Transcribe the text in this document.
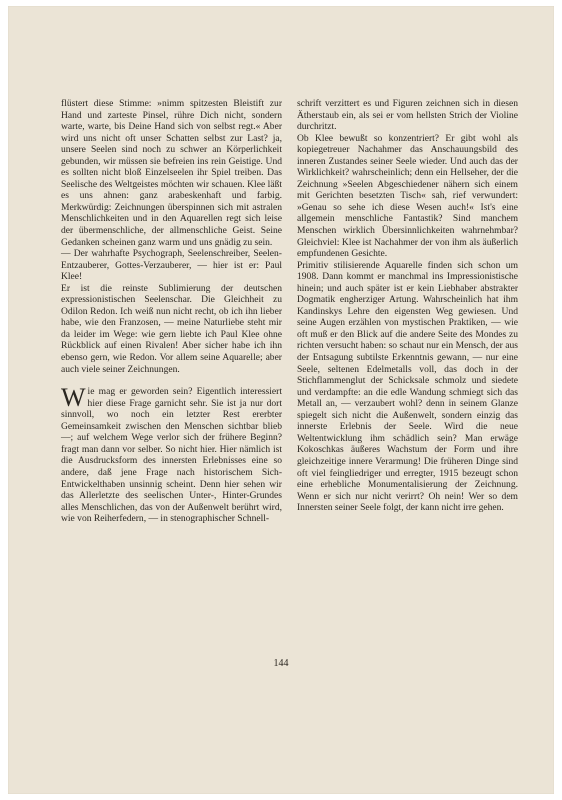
flüstert diese Stimme: »nimm spitzesten Bleistift zur Hand und zarteste Pinsel, rühre Dich nicht, sondern warte, warte, bis Deine Hand sich von selbst regt.« Aber wird uns nicht oft unser Schatten selbst zur Last? ja, unsere Seelen sind noch zu schwer an Körperlichkeit gebunden, wir müssen sie befreien ins rein Geistige. Und es sollten nicht bloß Einzelseelen ihr Spiel treiben. Das Seelische des Weltgeistes möchten wir schauen. Klee läßt es uns ahnen: ganz arabeskenhaft und farbig. Merkwürdig: Zeichnungen überspinnen sich mit astralen Menschlichkeiten und in den Aquarellen regt sich leise der übermenschliche, der allmenschliche Geist. Seine Gedanken scheinen ganz warm und uns gnädig zu sein.

— Der wahrhafte Psychograph, Seelenschreiber, Seelen-Entzauberer, Gottes-Verzauberer, — hier ist er: Paul Klee!

Er ist die reinste Sublimierung der deutschen expressionistischen Seelenschar. Die Gleichheit zu Odilon Redon. Ich weiß nun nicht recht, ob ich ihn lieber habe, wie den Franzosen, — meine Naturliebe steht mir da leider im Wege: wie gern liebte ich Paul Klee ohne Rückblick auf einen Rivalen! Aber sicher habe ich ihn ebenso gern, wie Redon. Vor allem seine Aquarelle; aber auch viele seiner Zeichnungen.

Wie mag er geworden sein? Eigentlich interessiert hier diese Frage garnicht sehr. Sie ist ja nur dort sinnvoll, wo noch ein letzter Rest ererbter Gemeinsamkeit zwischen den Menschen sichtbar blieb —; auf welchem Wege verlor sich der frühere Beginn? fragt man dann vor selber. So nicht hier. Hier nämlich ist die Ausdrucksform des innersten Erlebnisses eine so andere, daß jene Frage nach historischem Sich-Entwickelthaben unsinnig scheint. Denn hier sehen wir das Allerletzte des seelischen Unter-, Hinter-Grundes alles Menschlichen, das von der Außenwelt berührt wird, wie von Reiherfedern, — in stenographischer Schnell-

schrift verzittert es und Figuren zeichnen sich in diesen Ätherstaub ein, als sei er vom hellsten Strich der Violine durchritzt.

Ob Klee bewußt so konzentriert? Er gibt wohl als kopiegetreuer Nachahmer das Anschauungsbild des inneren Zustandes seiner Seele wieder. Und auch das der Wirklichkeit? wahrscheinlich; denn ein Hellseher, der die Zeichnung »Seelen Abgeschiedener nähern sich einem mit Gerichten besetzten Tisch« sah, rief verwundert: »Genau so sehe ich diese Wesen auch!« Ist's eine allgemein menschliche Fantastik? Sind manchem Menschen wirklich Übersinnlichkeiten wahrnehmbar? Gleichviel: Klee ist Nachahmer der von ihm als äußerlich empfundenen Gesichte.

Primitiv stilisierende Aquarelle finden sich schon um 1908. Dann kommt er manchmal ins Impressionistische hinein; und auch später ist er kein Liebhaber abstrakter Dogmatik engherziger Artung. Wahrscheinlich hat ihm Kandinskys Lehre den eigensten Weg gewiesen. Und seine Augen erzählen von mystischen Praktiken, — wie oft muß er den Blick auf die andere Seite des Mondes zu richten versucht haben: so schaut nur ein Mensch, der aus der Entsagung subtilste Erkenntnis gewann, — nur eine Seele, seltenen Edelmetalls voll, das doch in der Stichflammenglut der Schicksale schmolz und siedete und verdampfte: an die edle Wandung schmiegt sich das Metall an, — verzaubert wohl? denn in seinem Glanze spiegelt sich nicht die Außenwelt, sondern einzig das innerste Erlebnis der Seele. Wird die neue Weltentwicklung ihm schädlich sein? Man erwäge Kokoschkas äußeres Wachstum der Form und ihre gleichzeitige innere Verarmung! Die früheren Dinge sind oft viel feingliedriger und erregter, 1915 bezeugt schon eine erhebliche Monumentalisierung der Zeichnung. Wenn er sich nur nicht verirrt? Oh nein! Wer so dem Innersten seiner Seele folgt, der kann nicht irre gehen.

144
